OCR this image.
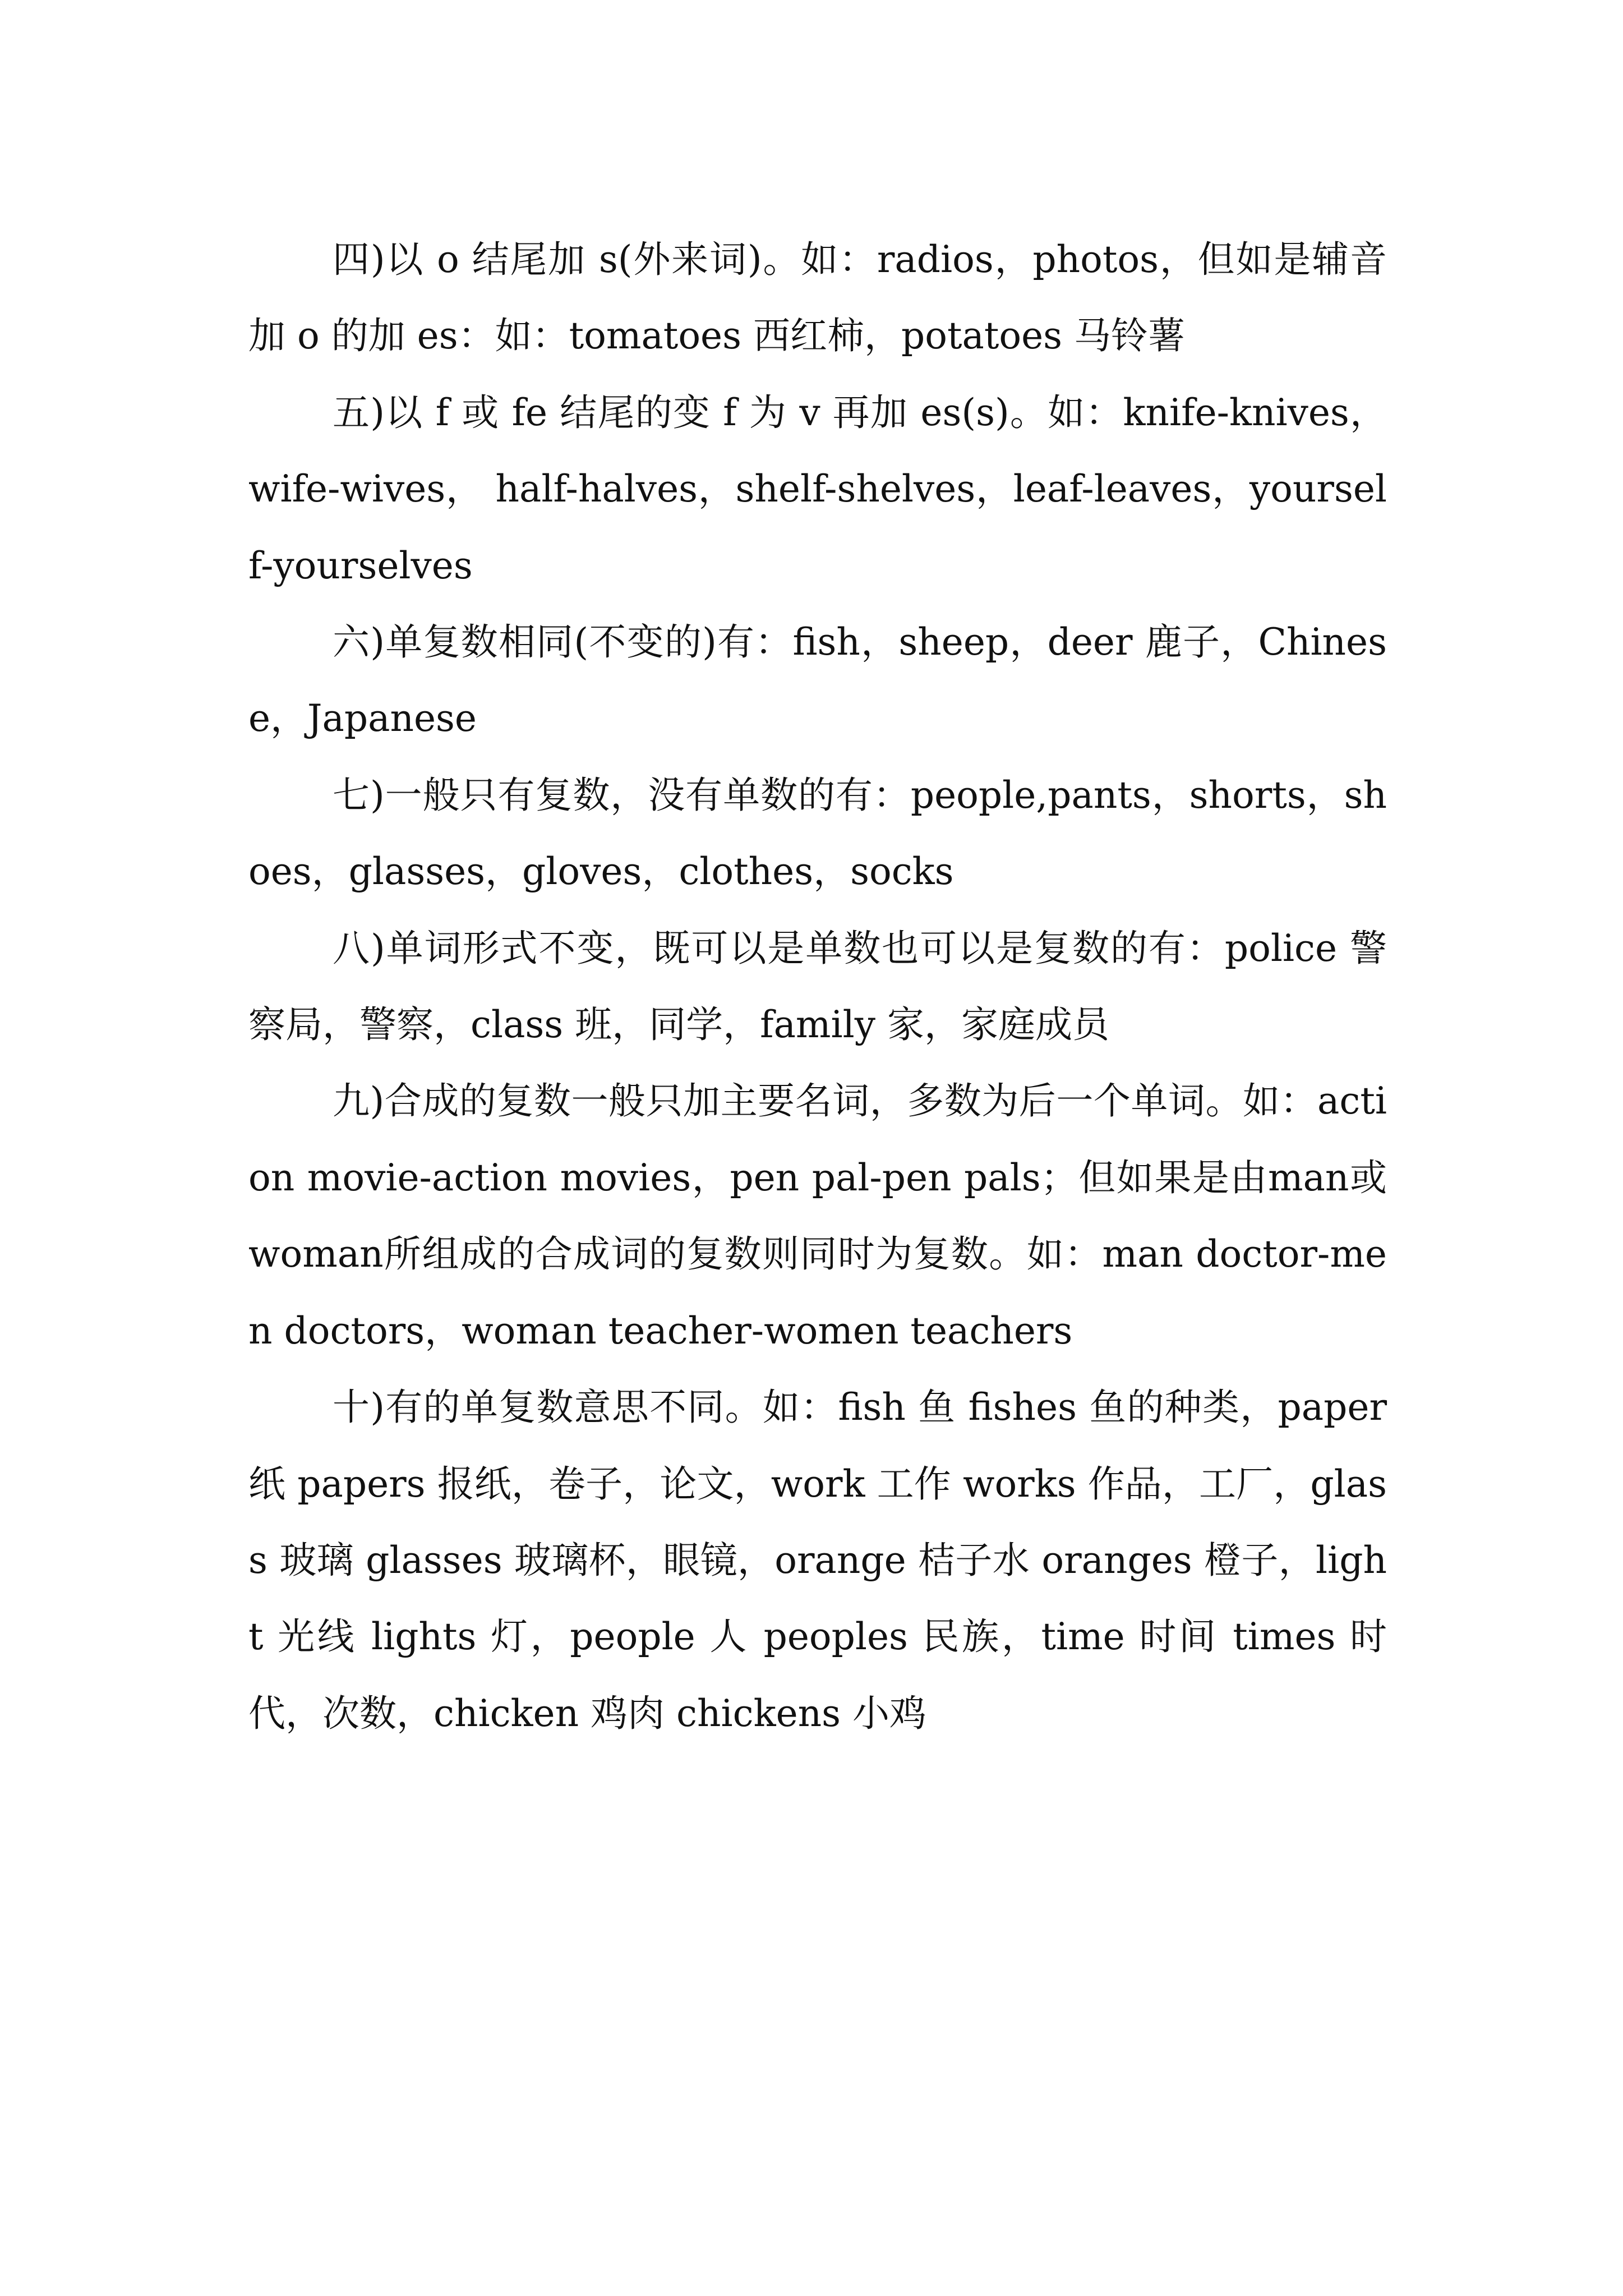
四)以 o 结尾加 s(外来词)。如：radios，photos，但如是辅音加 o 的加 es：如：tomatoes 西红柿，potatoes 马铃薯

五)以 f 或 fe 结尾的变 f 为 v 再加 es(s)。如：knife-knives， wife-wives， half-halves，shelf-shelves，leaf-leaves，yourself-yourselves

六)单复数相同(不变的)有：fish，sheep，deer 鹿子，Chinese，Japanese

七)一般只有复数，没有单数的有：people,pants，shorts，shoes，glasses，gloves，clothes，socks

八)单词形式不变，既可以是单数也可以是复数的有：police 警察局，警察，class 班，同学，family 家，家庭成员

九)合成的复数一般只加主要名词，多数为后一个单词。如：action movie-action movies，pen pal-pen pals；但如果是由man或woman所组成的合成词的复数则同时为复数。如：man doctor-men doctors，woman teacher-women teachers

十)有的单复数意思不同。如：fish 鱼 fishes 鱼的种类，paper 纸 papers 报纸，卷子，论文，work 工作 works 作品，工厂，glass 玻璃 glasses 玻璃杯，眼镜，orange 桔子水 oranges 橙子，light 光线 lights 灯，people 人 peoples 民族，time 时间 times 时代，次数，chicken 鸡肉 chickens 小鸡
